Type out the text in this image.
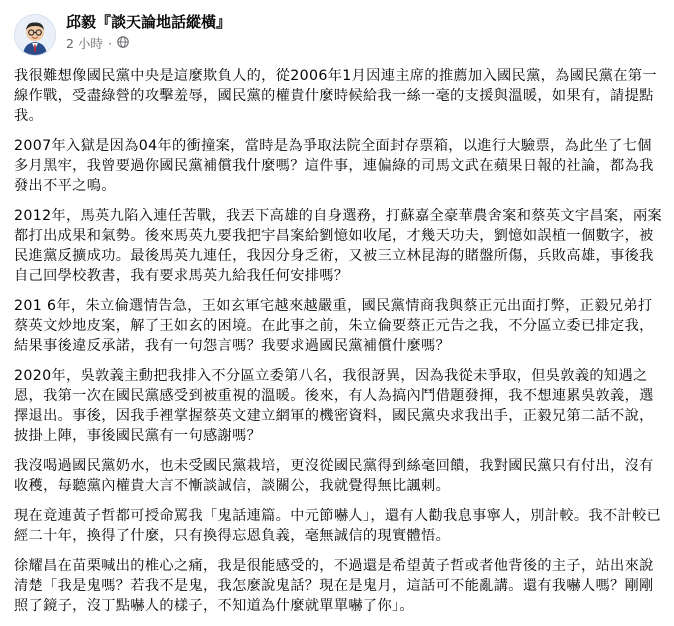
邱毅『談天論地話縱橫』
2 小時 ·

我很難想像國民黨中央是這麼欺負人的，從2006年1月因連主席的推薦加入國民黨，為國民黨在第一線作戰，受盡綠營的攻擊羞辱，國民黨的權貴什麼時候給我一絲一毫的支援與溫暖，如果有，請提點我。

2007年入獄是因為04年的衝撞案，當時是為爭取法院全面封存票箱，以進行大驗票，為此坐了七個多月黑牢，我曾要過你國民黨補償我什麼嗎？這件事，連偏綠的司馬文武在蘋果日報的社論，都為我發出不平之鳴。

2012年，馬英九陷入連任苦戰，我丟下高雄的自身選務，打蘇嘉全豪華農舍案和蔡英文宇昌案，兩案都打出成果和氣勢。後來馬英九要我把宇昌案給劉憶如收尾，才幾天功夫，劉憶如誤植一個數字，被民進黨反擴成功。最後馬英九連任，我因分身乏術，又被三立林昆海的賭盤所傷，兵敗高雄，事後我自己回學校教書，我有要求馬英九給我任何安排嗎？

201 6年，朱立倫選情告急，王如玄軍宅越來越嚴重，國民黨情商我與蔡正元出面打弊，正毅兄弟打蔡英文炒地皮案，解了王如玄的困境。在此事之前，朱立倫要蔡正元告之我，不分區立委已排定我，結果事後違反承諾，我有一句怨言嗎？我要求過國民黨補償什麼嗎？

2020年，吳敦義主動把我排入不分區立委第八名，我很訝異，因為我從未爭取，但吳敦義的知遇之恩，我第一次在國民黨感受到被重視的溫暖。後來，有人為搞內鬥借題發揮，我不想連累吳敦義，選擇退出。事後，因我手裡掌握蔡英文建立網軍的機密資料，國民黨央求我出手，正毅兄第二話不說，披掛上陣，事後國民黨有一句感謝嗎？

我沒喝過國民黨奶水，也未受國民黨栽培，更沒從國民黨得到絲毫回饋，我對國民黨只有付出，沒有收穫，每聽黨內權貴大言不慚談誠信，談關公，我就覺得無比諷刺。

現在竟連黃子哲都可授命罵我「鬼話連篇。中元節嚇人」，還有人勸我息事寧人，別計較。我不計較已經二十年，換得了什麼，只有換得忘恩負義，毫無誠信的現實體悟。

徐耀昌在苗栗喊出的椎心之痛，我是很能感受的，不過還是希望黃子哲或者他背後的主子，站出來說清楚「我是鬼嗎？若我不是鬼，我怎麼說鬼話？現在是鬼月，這話可不能亂講。還有我嚇人嗎？剛剛照了鏡子，沒丁點嚇人的樣子，不知道為什麼就單單嚇了你」。
